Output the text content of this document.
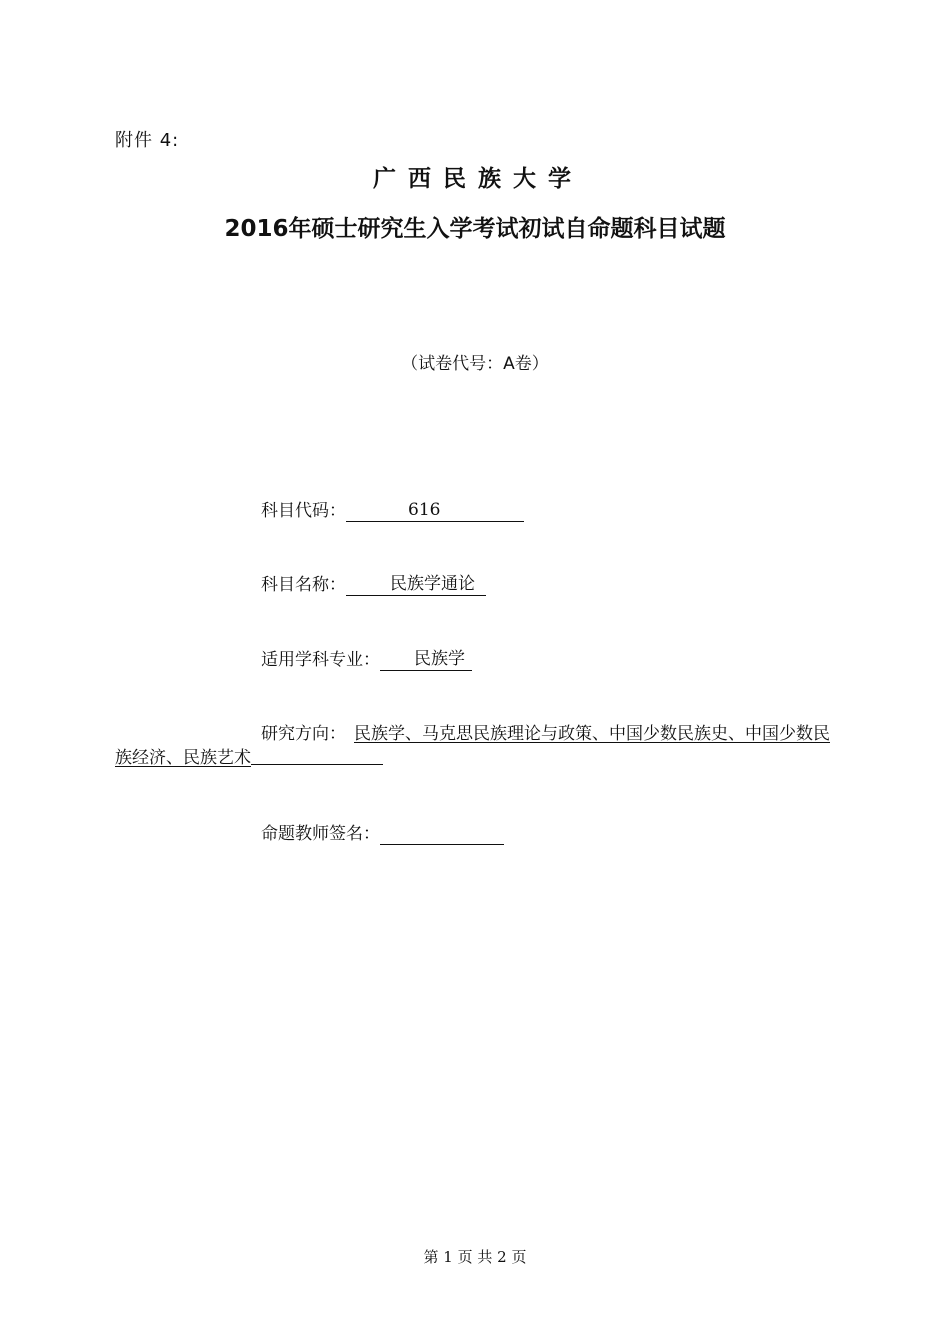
附件 4:
广西民族大学
2016年硕士研究生入学考试初试自命题科目试题
（试卷代号：A卷）
科目代码：	616
科目名称：	民族学通论
适用学科专业： 民族学
研究方向： 民族学、马克思民族理论与政策、中国少数民族史、中国少数民族经济、民族艺术
命题教师签名：
第 1 页 共 2 页
